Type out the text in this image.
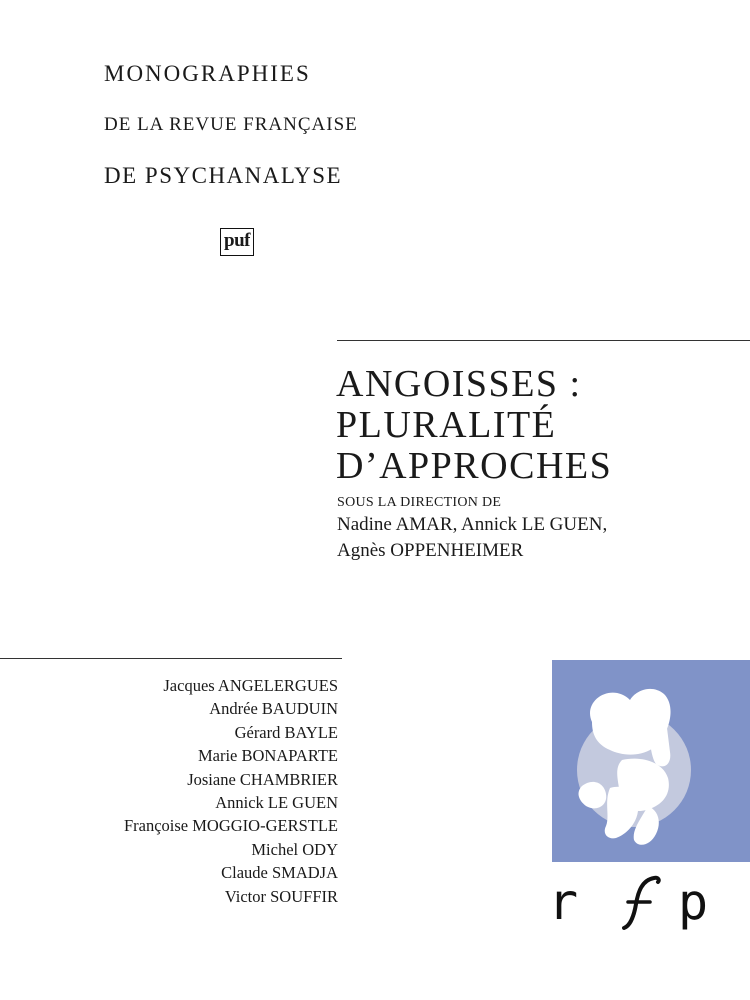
MONOGRAPHIES
DE LA REVUE FRANÇAISE
DE PSYCHANALYSE
puf
ANGOISSES :
PLURALITÉ
D’APPROCHES
SOUS LA DIRECTION DE
Nadine AMAR, Annick LE GUEN,
Agnès OPPENHEIMER
Jacques ANGELERGUES
Andrée BAUDUIN
Gérard BAYLE
Marie BONAPARTE
Josiane CHAMBRIER
Annick LE GUEN
Françoise MOGGIO-GERSTLE
Michel ODY
Claude SMADJA
Victor SOUFFIR	r p
